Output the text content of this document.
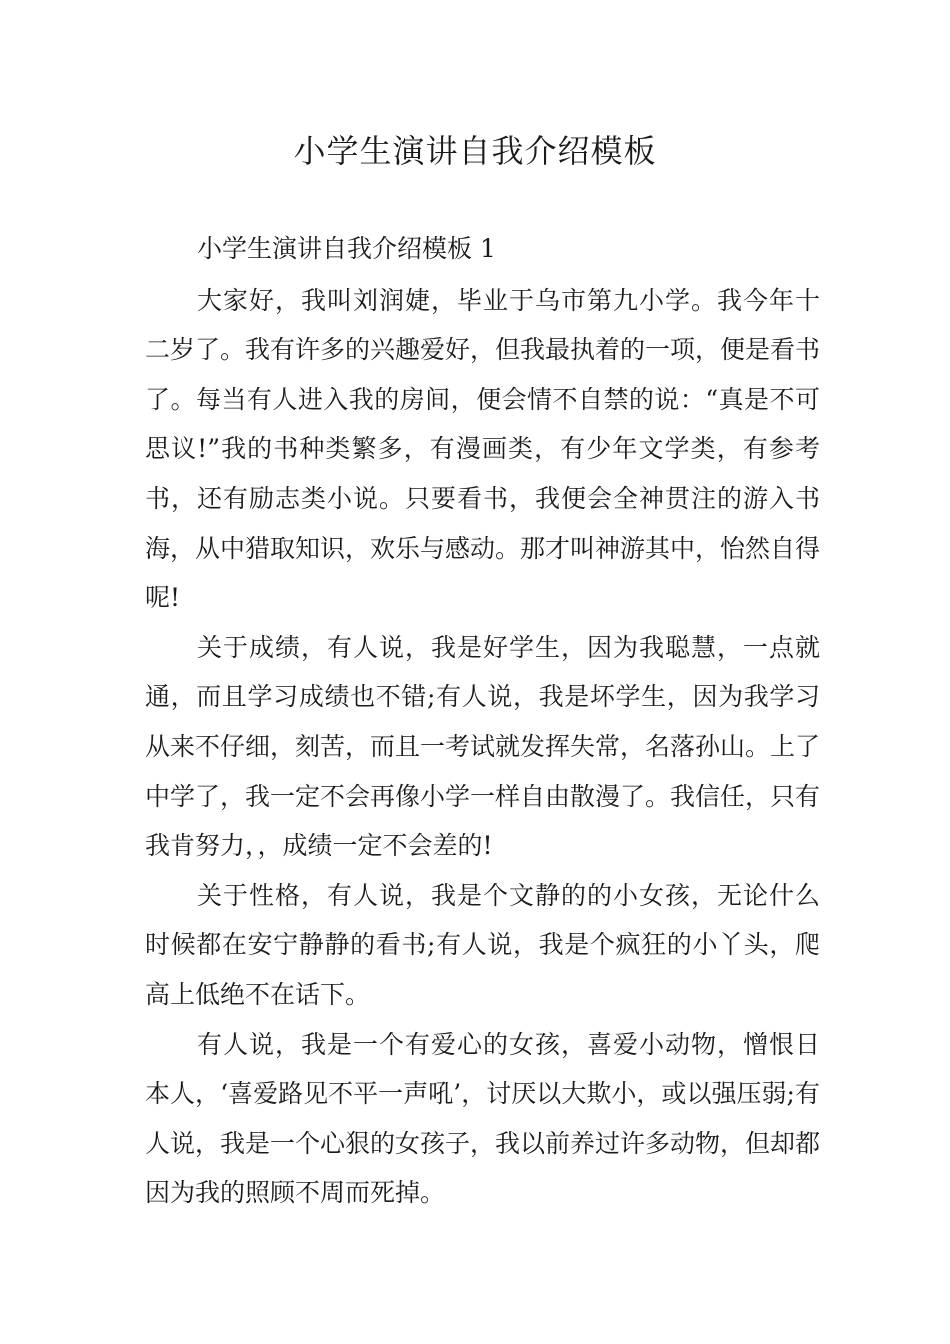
小学生演讲自我介绍模板

小学生演讲自我介绍模板 1

大家好，我叫刘润婕，毕业于乌市第九小学。我今年十二岁了。我有许多的兴趣爱好，但我最执着的一项，便是看书了。每当有人进入我的房间，便会情不自禁的说：“真是不可思议!”我的书种类繁多，有漫画类，有少年文学类，有参考书，还有励志类小说。只要看书，我便会全神贯注的游入书海，从中猎取知识，欢乐与感动。那才叫神游其中，怡然自得呢!

关于成绩，有人说，我是好学生，因为我聪慧，一点就通，而且学习成绩也不错;有人说，我是坏学生，因为我学习从来不仔细，刻苦，而且一考试就发挥失常，名落孙山。上了中学了，我一定不会再像小学一样自由散漫了。我信任，只有我肯努力，，成绩一定不会差的!

关于性格，有人说，我是个文静的的小女孩，无论什么时候都在安宁静静的看书;有人说，我是个疯狂的小丫头，爬高上低绝不在话下。

有人说，我是一个有爱心的女孩，喜爱小动物，憎恨日本人，‘喜爱路见不平一声吼’，讨厌以大欺小，或以强压弱;有人说，我是一个心狠的女孩子，我以前养过许多动物，但却都因为我的照顾不周而死掉。
